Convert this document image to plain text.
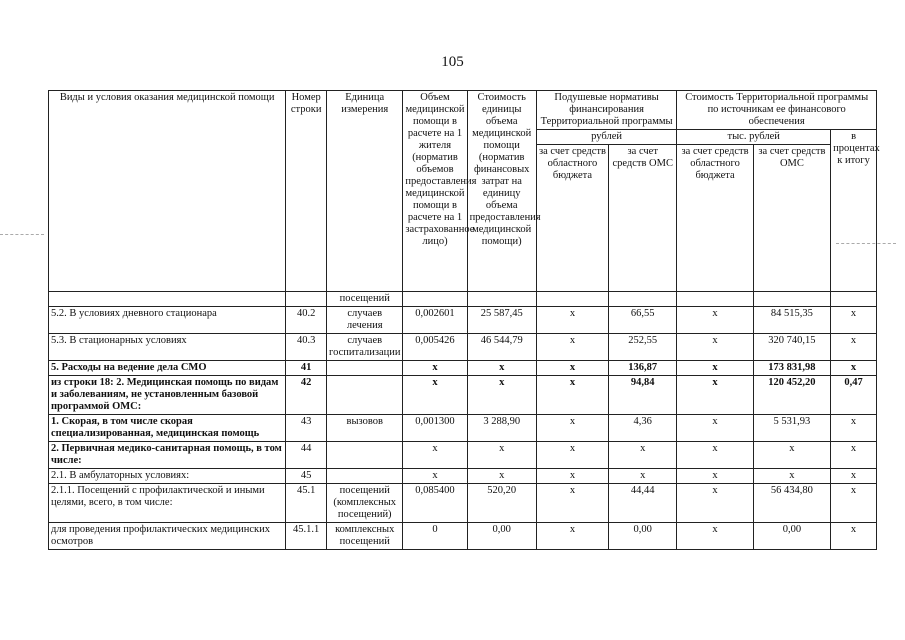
105
Виды и условия оказания медицинской помощи	Номер строки	Единица измерения	Объем медицинской помощи в расчете на 1 жителя (норматив объемов предоставления медицинской помощи в расчете на 1 застрахованное лицо)	Стоимость единицы объема медицинской помощи (норматив финансовых затрат на единицу объема предоставления медицинской помощи)	Подушевые нормативы финансирования Территориальной программы		Стоимость Территориальной программы по источникам ее финансового обеспечения		
					рублей		тыс. рублей		в процентах к итогу
					за счет средств областного бюджета	за счет средств ОМС	за счет средств областного бюджета	за счет средств ОМС	
		посещений							
5.2. В условиях дневного стационара	40.2	случаев лечения	0,002601	25 587,45	х	66,55	х	84 515,35	х
5.3. В стационарных условиях	40.3	случаев госпитализации	0,005426	46 544,79	х	252,55	х	320 740,15	х
5. Расходы на ведение дела СМО	41		х	х	х	136,87	х	173 831,98	х
из строки 18: 2. Медицинская помощь по видам и заболеваниям, не установленным базовой программой ОМС:	42		х	х	х	94,84	х	120 452,20	0,47
1. Скорая, в том числе скорая специализированная, медицинская помощь	43	вызовов	0,001300	3 288,90	х	4,36	х	5 531,93	х
2. Первичная медико-санитарная помощь, в том числе:	44		х	х	х	х	х	х	х
2.1. В амбулаторных условиях:	45		х	х	х	х	х	х	х
2.1.1. Посещений с профилактической и иными целями, всего, в том числе:	45.1	посещений (комплексных посещений)	0,085400	520,20	х	44,44	х	56 434,80	х
для проведения профилактических медицинских осмотров	45.1.1	комплексных посещений	0	0,00	х	0,00	х	0,00	х
